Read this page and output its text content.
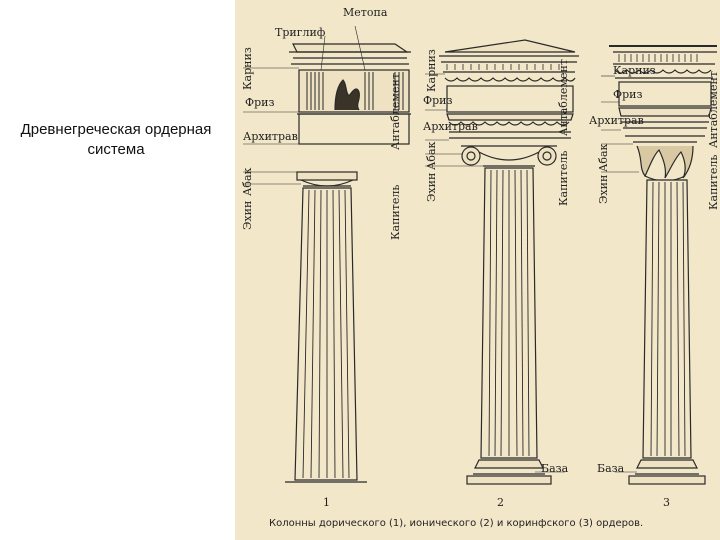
Древнегреческая ордерная система
Метопа
Триглиф
Карниз
Фриз
Архитрав
Абак
Эхин
Антаблемент
Капитель
1
Карниз
Фриз
Архитрав
Абак
Эхин
Антаблемент
Капитель
База
2
Карниз
Фриз
Архитрав
Абак
Эхин
Антаблемент
Капитель
База
3
Колонны дорического (1), ионического (2) и коринфского (3) ордеров.
